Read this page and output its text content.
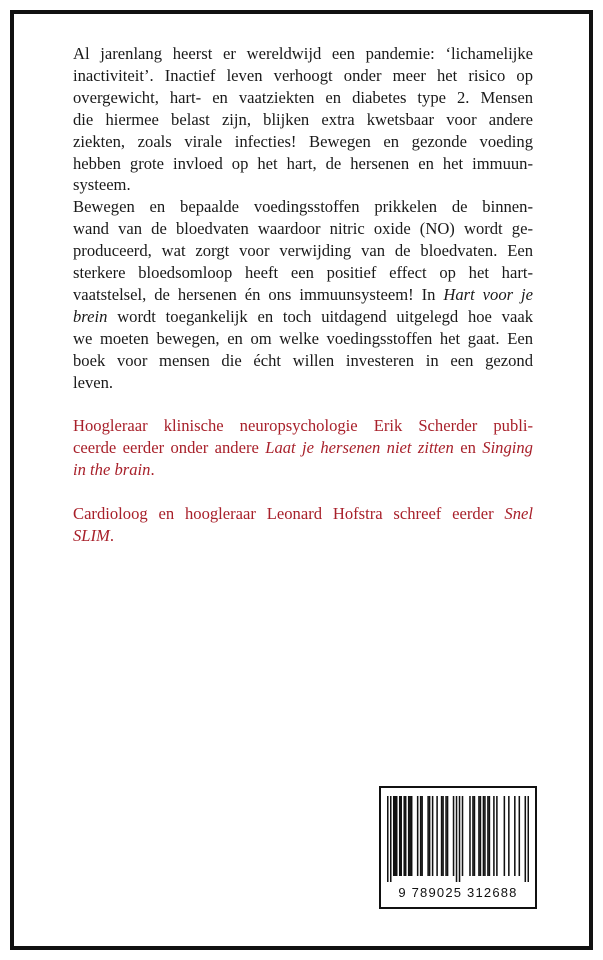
Al jarenlang heerst er wereldwijd een pandemie: ‘lichamelijke
inactiviteit’. Inactief leven verhoogt onder meer het risico op
overgewicht, hart- en vaatziekten en diabetes type 2. Mensen
die hiermee belast zijn, blijken extra kwetsbaar voor andere
ziekten, zoals virale infecties! Bewegen en gezonde voeding
hebben grote invloed op het hart, de hersenen en het immuun-
systeem.

Bewegen en bepaalde voedingsstoffen prikkelen de binnen-
wand van de bloedvaten waardoor nitric oxide (NO) wordt ge-
produceerd, wat zorgt voor verwijding van de bloedvaten. Een
sterkere bloedsomloop heeft een positief effect op het hart-
vaatstelsel, de hersenen én ons immuunsysteem! In Hart voor je
brein wordt toegankelijk en toch uitdagend uitgelegd hoe vaak
we moeten bewegen, en om welke voedingsstoffen het gaat. Een
boek voor mensen die écht willen investeren in een gezond
leven.

Hoogleraar klinische neuropsychologie Erik Scherder publi-
ceerde eerder onder andere Laat je hersenen niet zitten en Singing
in the brain.

Cardioloog en hoogleraar Leonard Hofstra schreef eerder Snel
SLIM.

9 789025 312688
